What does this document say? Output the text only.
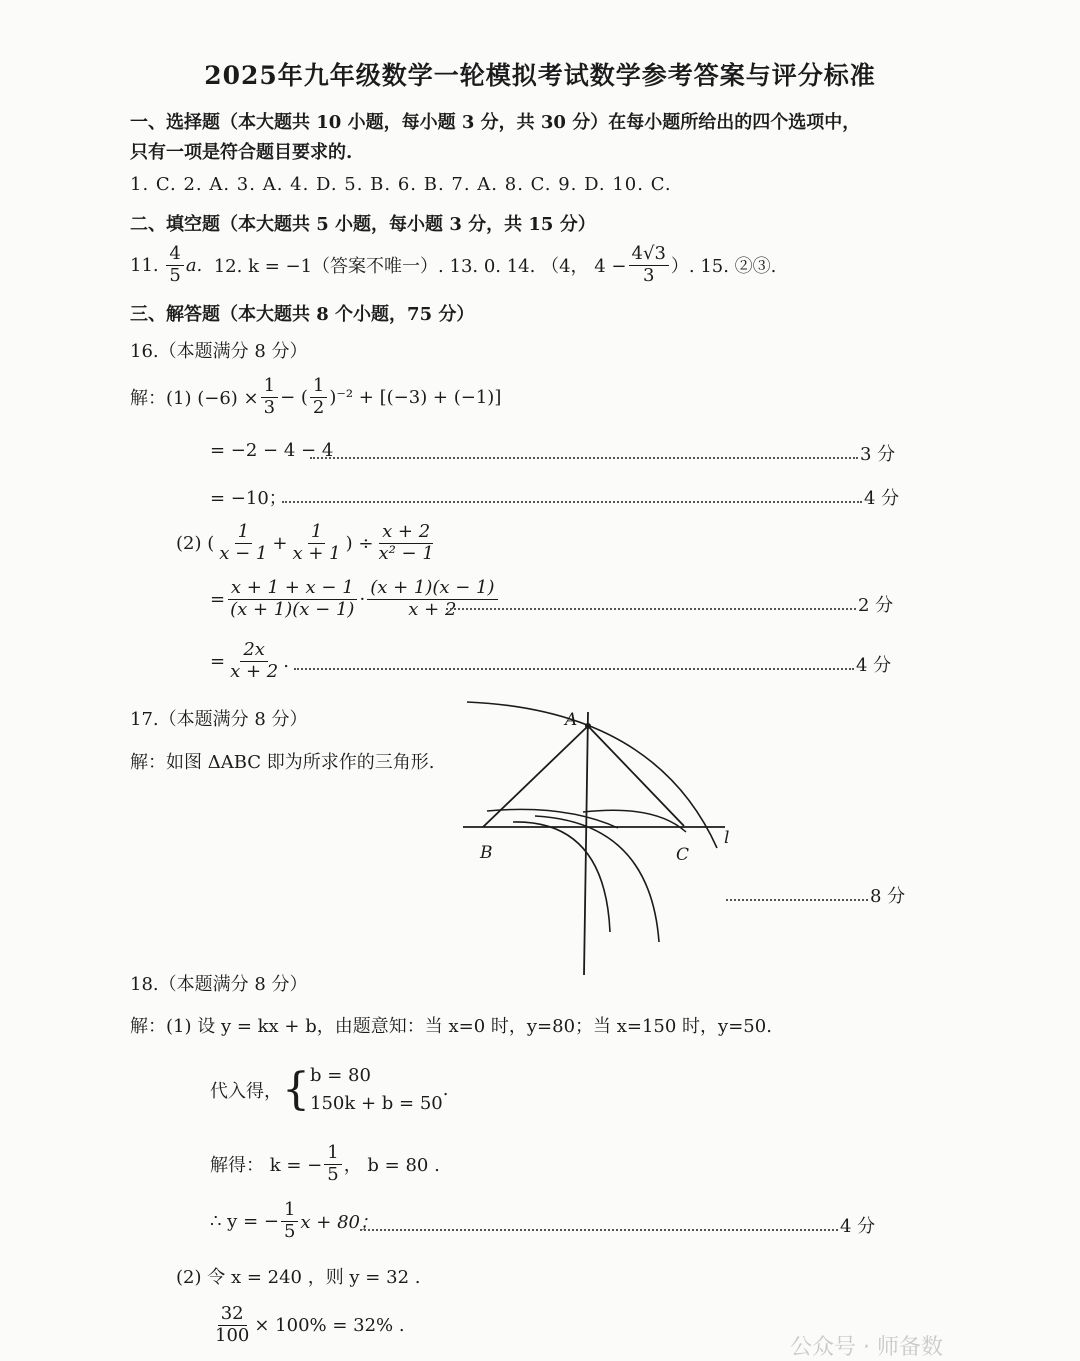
2025年九年级数学一轮模拟考试数学参考答案与评分标准
一、选择题（本大题共 10 小题，每小题 3 分，共 30 分）在每小题所给出的四个选项中，
只有一项是符合题目要求的.
1. C. 2. A. 3. A. 4. D. 5. B. 6. B. 7. A. 8. C. 9. D. 10. C.
二、填空题（本大题共 5 小题，每小题 3 分，共 15 分）
11.
$\frac{4}{5} a$.
12. k = −1（答案不唯一）. 13. 0. 14. （4， $4 - \frac{4√3}{3}$ ）. 15. ②③.
三、解答题（本大题共 8 个小题，75 分）
16.（本题满分 8 分）
解：(1) $(-6) \times \frac{1}{3}$ − ( $\frac{1}{2} )^{-2} + [(-3) + (-1)]$
= −2 − 4 − 4	3 分
= −10；	4 分
(2) ( $\frac{1}{x - 1} + \frac{1}{x + 1}$ ) ÷ $\frac{x + 2}{\text{x² − 1}}$
= $\frac{x + 1 + x - 1}{(x + 1)(x - 1)} \cdot \frac{(x + 1)(x - 1)}{x + 2}$	2 分
= $\frac{2x}{x + 2}$ .	4 分
17.（本题满分 8 分）
解：如图 ΔABC 即为所求作的三角形.
A
B	C
l
8 分
18.（本题满分 8 分）
解：(1) 设 y = kx + b，由题意知：当 x=0 时，y=80；当 x=150 时，y=50.
代入得， { b = 80
150k + b = 50
.
解得： k = − $\frac{1}{5}$ ， b = 80 .
∴ y = − $\frac{1}{5}$ x + 80；	4 分
(2) 令 x = 240 ，则 y = 32 .
$\frac{32}{100} \times 100\% = 32\%$ .
公众号 · 师备数
